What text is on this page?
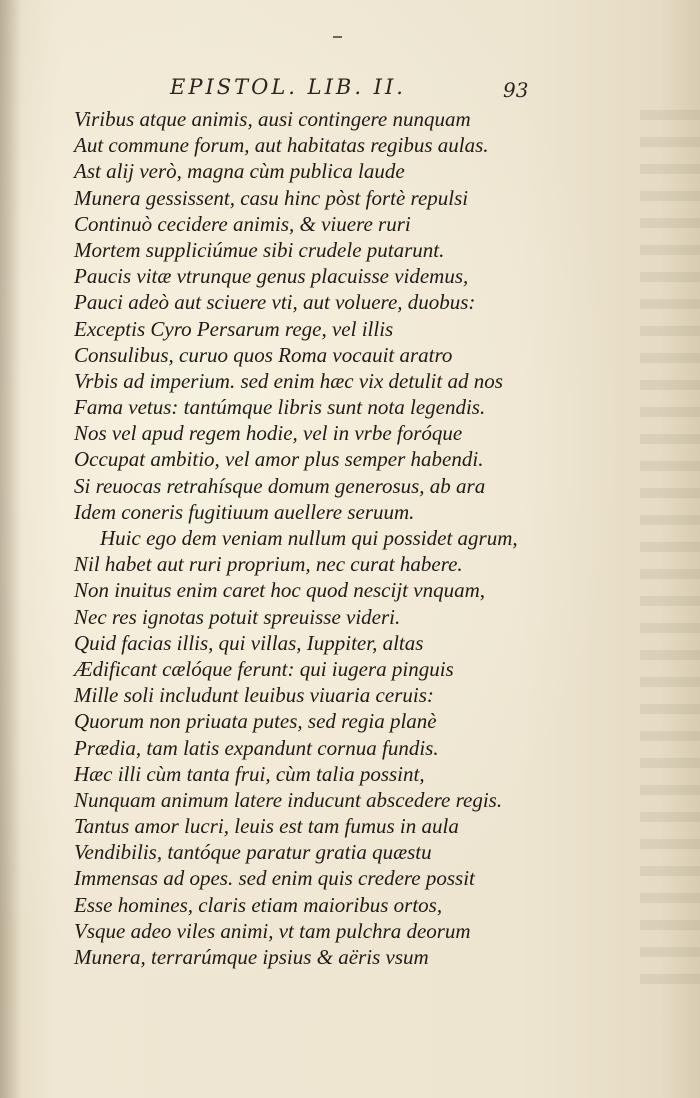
EPISTOL. LIB. II.	93
Viribus atque animis, ausi contingere nunquam
Aut commune forum, aut habitatas regibus aulas.
Ast alij verò, magna cùm publica laude
Munera gessissent, casu hinc pòst fortè repulsi
Continuò cecidere animis, & viuere ruri
Mortem suppliciúmue sibi crudele putarunt.
Paucis vitæ vtrunque genus placuisse videmus,
Pauci adeò aut sciuere vti, aut voluere, duobus:
Exceptis Cyro Persarum rege, vel illis
Consulibus, curuo quos Roma vocauit aratro
Vrbis ad imperium. sed enim hæc vix detulit ad nos
Fama vetus: tantúmque libris sunt nota legendis.
Nos vel apud regem hodie, vel in vrbe foróque
Occupat ambitio, vel amor plus semper habendi.
Si reuocas retrahísque domum generosus, ab ara
Idem coneris fugitiuum auellere seruum.
Huic ego dem veniam nullum qui possidet agrum,
Nil habet aut ruri proprium, nec curat habere.
Non inuitus enim caret hoc quod nescijt vnquam,
Nec res ignotas potuit spreuisse videri.
Quid facias illis, qui villas, Iuppiter, altas
Ædificant cælóque ferunt: qui iugera pinguis
Mille soli includunt leuibus viuaria ceruis:
Quorum non priuata putes, sed regia planè
Prædia, tam latis expandunt cornua fundis.
Hæc illi cùm tanta frui, cùm talia possint,
Nunquam animum latere inducunt abscedere regis.
Tantus amor lucri, leuis est tam fumus in aula
Vendibilis, tantóque paratur gratia quæstu
Immensas ad opes. sed enim quis credere possit
Esse homines, claris etiam maioribus ortos,
Vsque adeo viles animi, vt tam pulchra deorum
Munera, terrarúmque ipsius & aëris vsum
